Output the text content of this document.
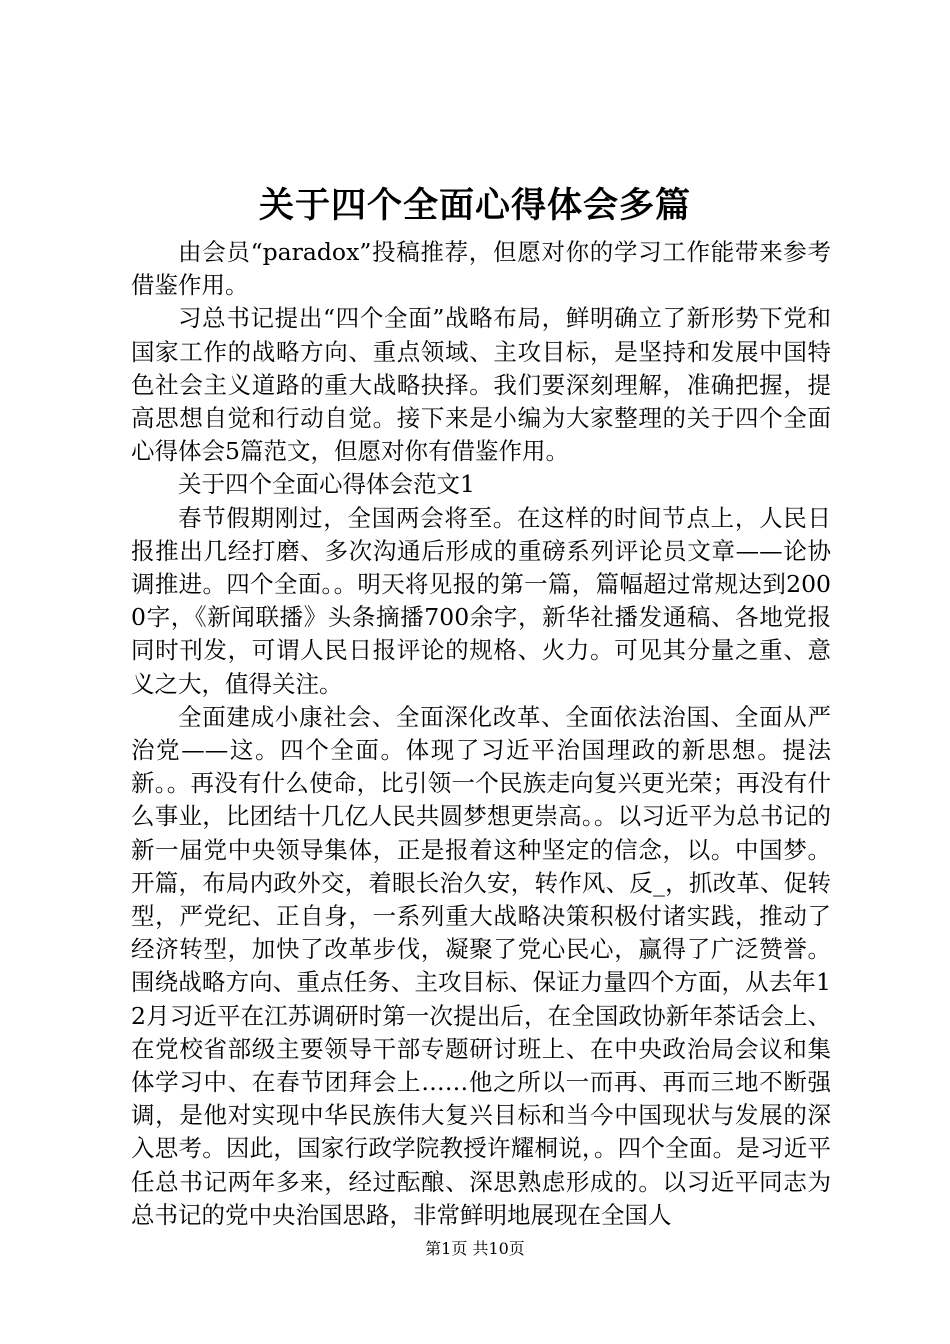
关于四个全面心得体会多篇

由会员“paradox”投稿推荐，但愿对你的学习工作能带来参考借鉴作用。

习总书记提出“四个全面”战略布局，鲜明确立了新形势下党和国家工作的战略方向、重点领域、主攻目标，是坚持和发展中国特色社会主义道路的重大战略抉择。我们要深刻理解，准确把握，提高思想自觉和行动自觉。接下来是小编为大家整理的关于四个全面心得体会5篇范文，但愿对你有借鉴作用。

关于四个全面心得体会范文1

春节假期刚过，全国两会将至。在这样的时间节点上，人民日报推出几经打磨、多次沟通后形成的重磅系列评论员文章——论协调推进。四个全面。。明天将见报的第一篇，篇幅超过常规达到2000字，《新闻联播》头条摘播700余字，新华社播发通稿、各地党报同时刊发，可谓人民日报评论的规格、火力。可见其分量之重、意义之大，值得关注。

全面建成小康社会、全面深化改革、全面依法治国、全面从严治党——这。四个全面。体现了习近平治国理政的新思想。提法新。。再没有什么使命，比引领一个民族走向复兴更光荣；再没有什么事业，比团结十几亿人民共圆梦想更崇高。。以习近平为总书记的新一届党中央领导集体，正是报着这种坚定的信念，以。中国梦。开篇，布局内政外交，着眼长治久安，转作风、反_，抓改革、促转型，严党纪、正自身，一系列重大战略决策积极付诸实践，推动了经济转型，加快了改革步伐，凝聚了党心民心，赢得了广泛赞誉。围绕战略方向、重点任务、主攻目标、保证力量四个方面，从去年12月习近平在江苏调研时第一次提出后，在全国政协新年茶话会上、在党校省部级主要领导干部专题研讨班上、在中央政治局会议和集体学习中、在春节团拜会上……他之所以一而再、再而三地不断强调，是他对实现中华民族伟大复兴目标和当今中国现状与发展的深入思考。因此，国家行政学院教授许耀桐说，。四个全面。是习近平任总书记两年多来，经过酝酿、深思熟虑形成的。以习近平同志为总书记的党中央治国思路，非常鲜明地展现在全国人

第1页 共10页
